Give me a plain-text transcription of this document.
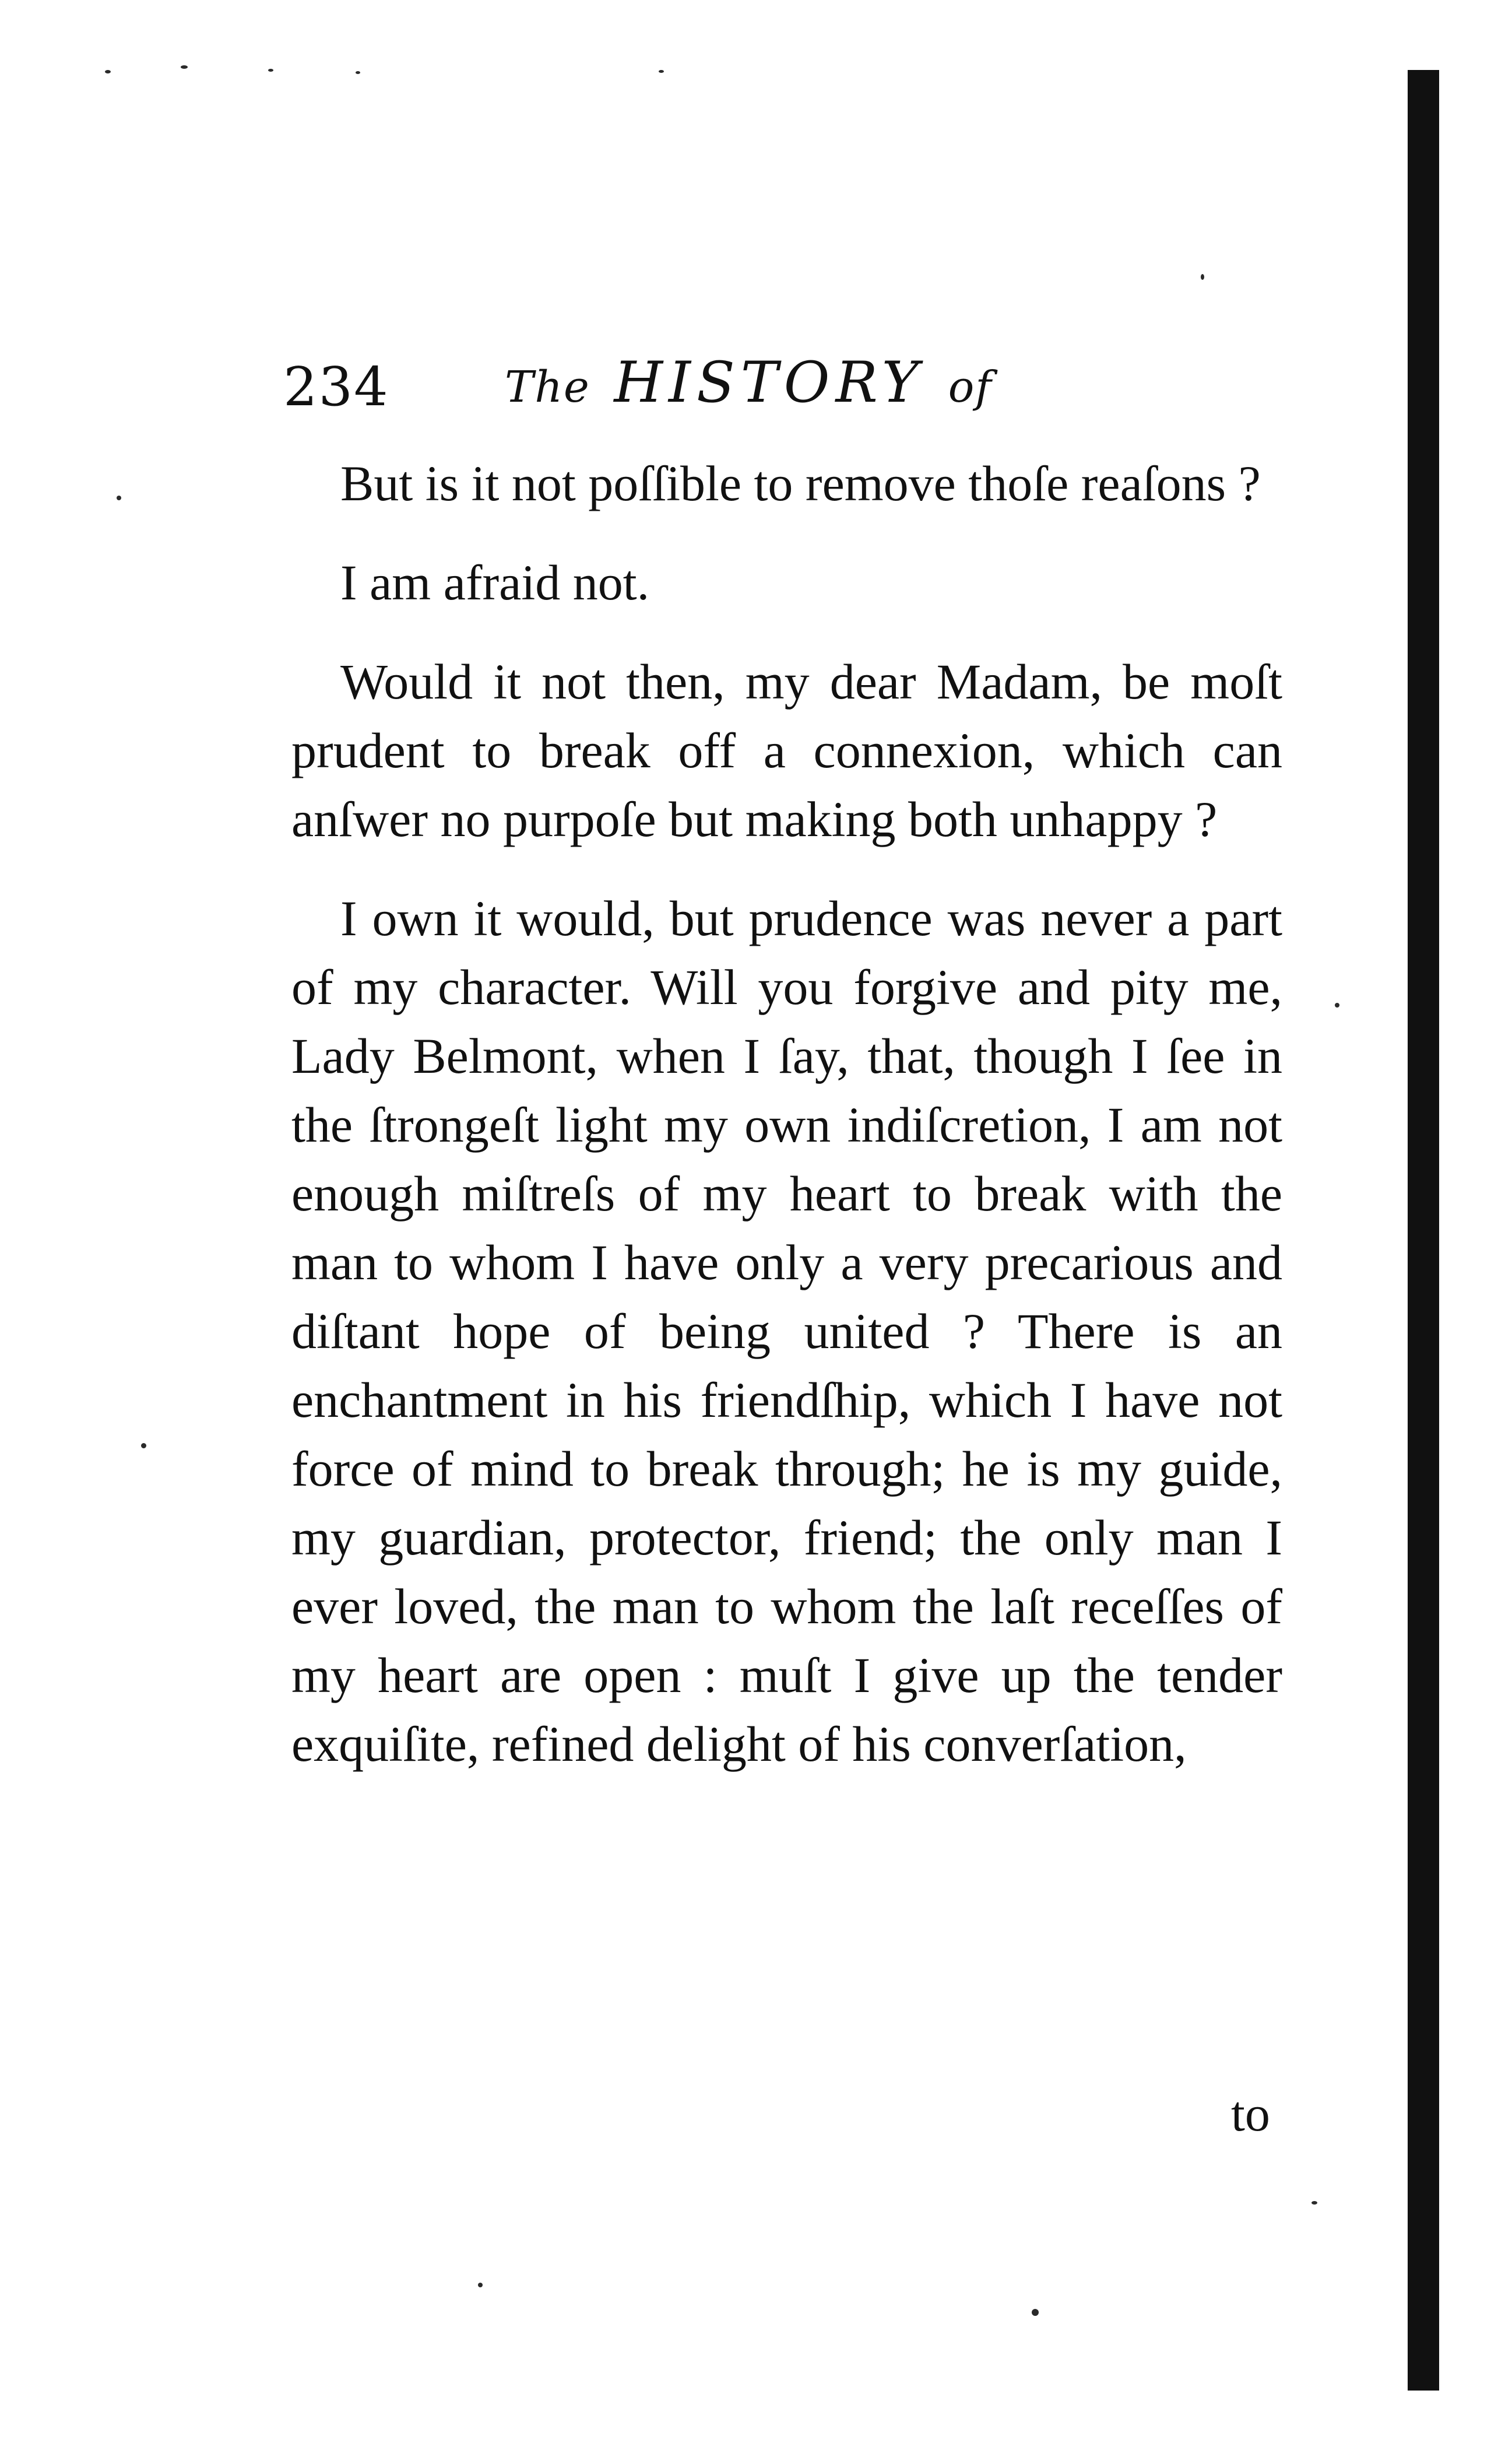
234	The HISTORY of

But is it not poſſible to remove thoſe reaſons ?

I am afraid not.

Would it not then, my dear Madam, be moſt prudent to break off a connexion, which can anſwer no purpoſe but making both unhappy ?

I own it would, but prudence was never a part of my character. Will you forgive and pity me, Lady Belmont, when I ſay, that, though I ſee in the ſtrongeſt light my own indiſcretion, I am not enough miſtreſs of my heart to break with the man to whom I have only a very precarious and diſtant hope of being united ? There is an enchantment in his friendſhip, which I have not force of mind to break through; he is my guide, my guardian, protector, friend; the only man I ever loved, the man to whom the laſt receſſes of my heart are open : muſt I give up the tender exquiſite, refined delight of his converſation,

to
